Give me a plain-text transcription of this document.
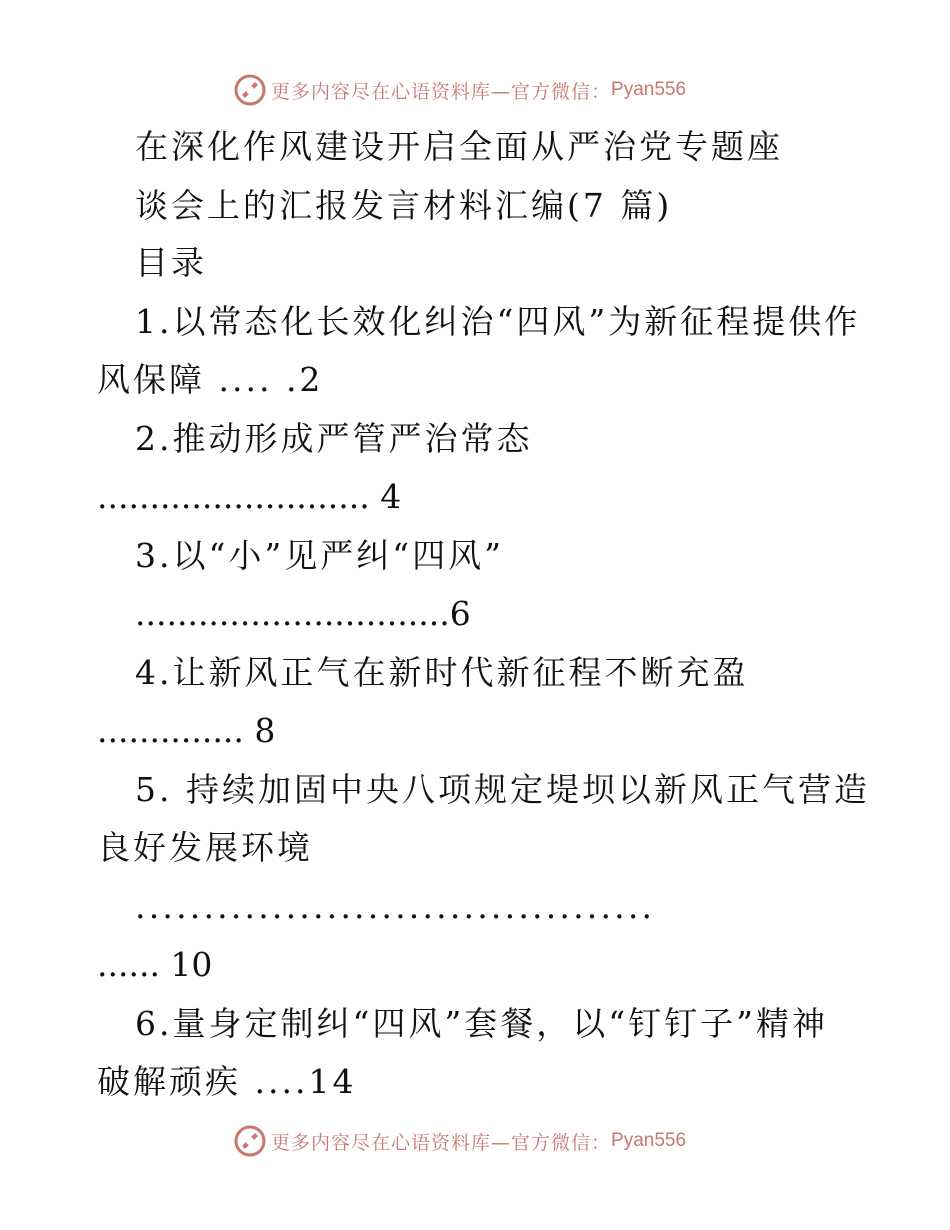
更多内容尽在心语资料库—官方微信： Pyan556
在深化作风建设开启全面从严治党专题座
谈会上的汇报发言材料汇编(7 篇)
目录
1.以常态化长效化纠治“四风”为新征程提供作
风保障 .... .2
2.推动形成严管严治常态
.......................... 4
3.以“小”见严纠“四风”
..............................6
4.让新风正气在新时代新征程不断充盈
.............. 8
5. 持续加固中央八项规定堤坝以新风正气营造
良好发展环境
......................................
...... 10
6.量身定制纠“四风”套餐，以“钉钉子”精神
破解顽疾 ....14
更多内容尽在心语资料库—官方微信： Pyan556
